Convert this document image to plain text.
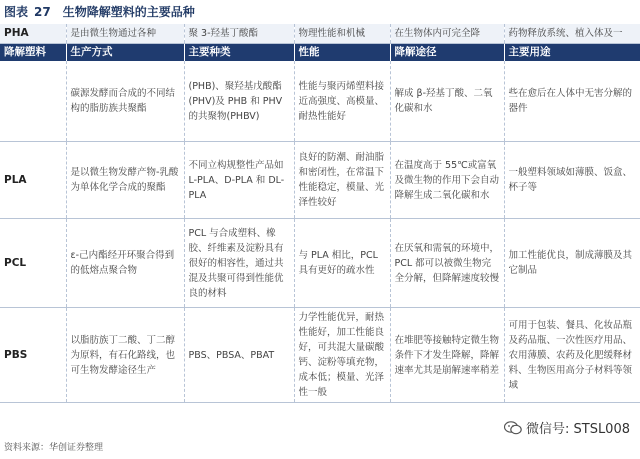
图表 27 生物降解塑料的主要品种
PHA	是由微生物通过各种	聚 3-羟基丁酸酯	物理性能和机械	在生物体内可完全降	药物释放系统、植入体及一
降解塑料	生产方式	主要种类	性能	降解途径	主要用途
	碳源发酵而合成的不同结构的脂肪族共聚酯	(PHB)、聚羟基戊酸酯(PHV)及 PHB 和 PHV 的共聚物(PHBV)	性能与聚丙烯塑料接近高强度、高模量、耐热性能好	解成 β-羟基丁酸、二氧化碳和水	些在愈后在人体中无害分解的器件
PLA	是以微生物发酵产物-乳酸为单体化学合成的聚酯	不同立构规整性产品如 L-PLA、D-PLA 和 DL-PLA	良好的防潮、耐油脂和密闭性，在常温下性能稳定，模量、光泽性较好	在温度高于 55℃或富氧及微生物的作用下会自动降解生成二氧化碳和水	一般塑料领域如薄膜、饭盒、杯子等
PCL	ε-己内酯经开环聚合得到的低熔点聚合物	PCL 与合成塑料、橡胶、纤维素及淀粉具有很好的相容性，通过共混及共聚可得到性能优良的材料	与 PLA 相比，PCL 具有更好的疏水性	在厌氧和需氧的环境中，PCL 都可以被微生物完全分解，但降解速度较慢	加工性能优良，制成薄膜及其它制品
PBS	以脂肪族丁二酸、丁二醇为原料，有石化路线，也可生物发酵途径生产	PBS、PBSA、PBAT	力学性能优异，耐热性能好，加工性能良好，可共混大量碳酸钙、淀粉等填充物，成本低；模量、光泽性一般	在堆肥等接触特定微生物条件下才发生降解，降解速率尤其是崩解速率稍差	可用于包装、餐具、化妆品瓶及药品瓶、一次性医疗用品、农用薄膜、农药及化肥缓释材料、生物医用高分子材料等领域
资料来源：华创证券整理
微信号: STSL008
